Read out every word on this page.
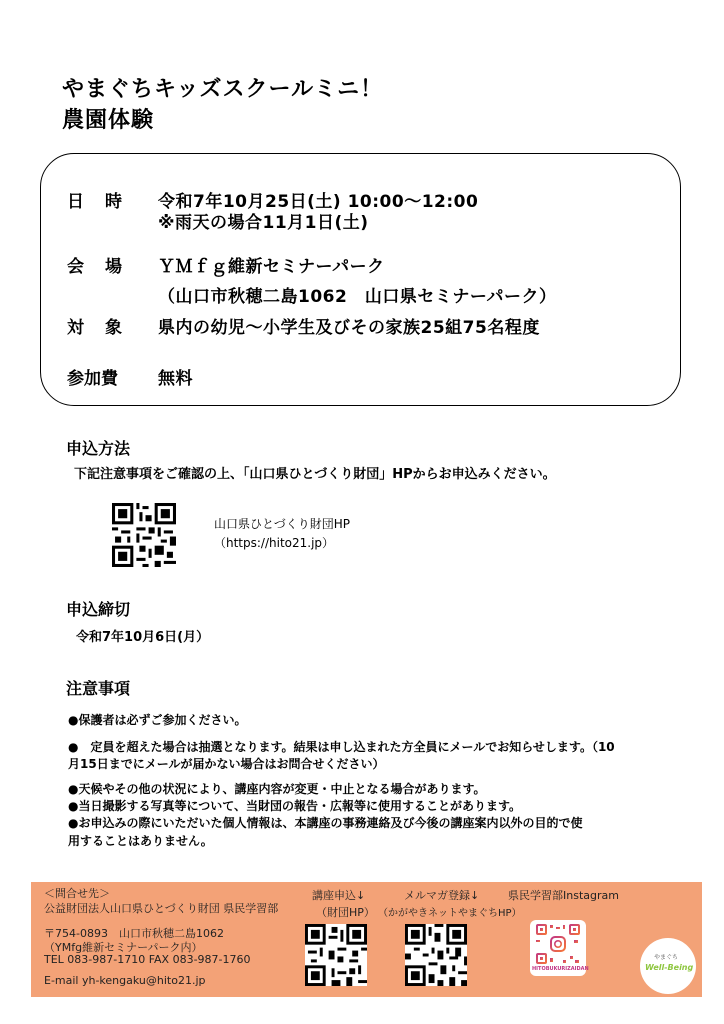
やまぐちキッズスクールミニ！
農園体験
日　時 令和7年10月25日(土) 10:00～12:00
※雨天の場合11月1日(土)
会　場 ＹＭｆｇ維新セミナーパーク
（山口市秋穂二島1062　山口県セミナーパーク）
対　象 県内の幼児～小学生及びその家族25組75名程度
参加費 無料
申込方法
下記注意事項をご確認の上、「山口県ひとづくり財団」HPからお申込みください。
山口県ひとづくり財団HP
（https://hito21.jp）
申込締切
令和7年10月6日(月）
注意事項
●保護者は必ずご参加ください。
●　定員を超えた場合は抽選となります。結果は申し込まれた方全員にメールでお知らせします。（10
月15日までにメールが届かない場合はお問合せください）
●天候やその他の状況により、講座内容が変更・中止となる場合があります。
●当日撮影する写真等について、当財団の報告・広報等に使用することがあります。
●お申込みの際にいただいた個人情報は、本講座の事務連絡及び今後の講座案内以外の目的で使
用することはありません。
＜問合せ先＞
公益財団法人山口県ひとづくり財団 県民学習部
〒754-0893　山口市秋穂二島1062
（YMfg維新セミナーパーク内）
TEL 083-987-1710 FAX 083-987-1760
E-mail yh-kengaku@hito21.jp
講座申込↓
（財団HP）
メルマガ登録↓
（かがやきネットやまぐちHP）
県民学習部Instagram
HITOBUKURIZAIDAN
やまぐち
Well-Being
